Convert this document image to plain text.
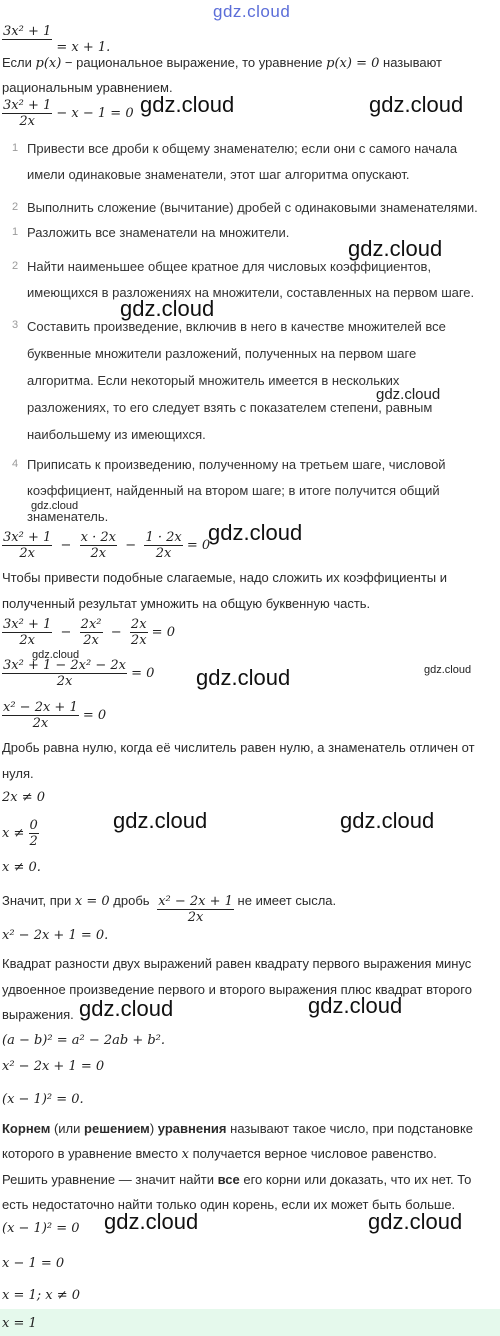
gdz.cloud
3x² + 1

= x + 1.
Если p(x) − рациональное выражение, то уравнение p(x) = 0 называют
рациональным уравнением.
$\frac{\text{3x² + 1}}{2x} - x - 1 = 0$
1 Привести все дроби к общему знаменателю; если они с самого начала
имели одинаковые знаменатели, этот шаг алгоритма опускают.
2 Выполнить сложение (вычитание) дробей с одинаковыми знаменателями.
1 Разложить все знаменатели на множители.
2 Найти наименьшее общее кратное для числовых коэффициентов,
имеющихся в разложениях на множители, составленных на первом шаге.
3 Составить произведение, включив в него в качестве множителей все
буквенные множители разложений, полученных на первом шаге
алгоритма. Если некоторый множитель имеется в нескольких
разложениях, то его следует взять с показателем степени, равным
наибольшему из имеющихся.
4 Приписать к произведению, полученному на третьем шаге, числовой
коэффициент, найденный на втором шаге; в итоге получится общий
знаменатель.
$\frac{\text{3x² + 1}}{2x} - \frac{x \cdot 2x}{2x} - \frac{1 \cdot 2x}{2x} = 0$
Чтобы привести подобные слагаемые, надо сложить их коэффициенты и
полученный результат умножить на общую буквенную часть.
$\frac{\text{3x² + 1}}{2x} - \frac{\text{2x²}}{2x} - \frac{2x}{2x} = 0$
$\frac{\text{3x² + 1 − 2x² − 2x}}{2x} = 0$
$\frac{\text{x² − 2x + 1}}{2x} = 0$
Дробь равна нулю, когда её числитель равен нулю, а знаменатель отличен от
нуля.
2x ≠ 0
$x \ne \frac{0}{2}$
x ≠ 0.
Значит, при x = 0 дробь $\frac{\text{x² − 2x + 1}}{2x}$ не имеет сысла.
x² − 2x + 1 = 0.
Квадрат разности двух выражений равен квадрату первого выражения минус
удвоенное произведение первого и второго выражения плюс квадрат второго
выражения.
(a − b)² = a² − 2ab + b².
x² − 2x + 1 = 0
(x − 1)² = 0.
Корнем (или решением) уравнения называют такое число, при подстановке
которого в уравнение вместо x получается верное числовое равенство.
Решить уравнение — значит найти все его корни или доказать, что их нет. То
есть недостаточно найти только один корень, если их может быть больше.
(x − 1)² = 0
x − 1 = 0
x = 1; x ≠ 0
x = 1
gdz.cloud	gdz.cloud
gdz.cloud
gdz.cloud
gdz.cloud
gdz.cloud
gdz.cloud	gdz.cloud
gdz.cloud	gdz.cloud
gdz.cloud	gdz.cloud
gdz.cloud
gdz.cloud
gdz.cloud
gdz.cloud
